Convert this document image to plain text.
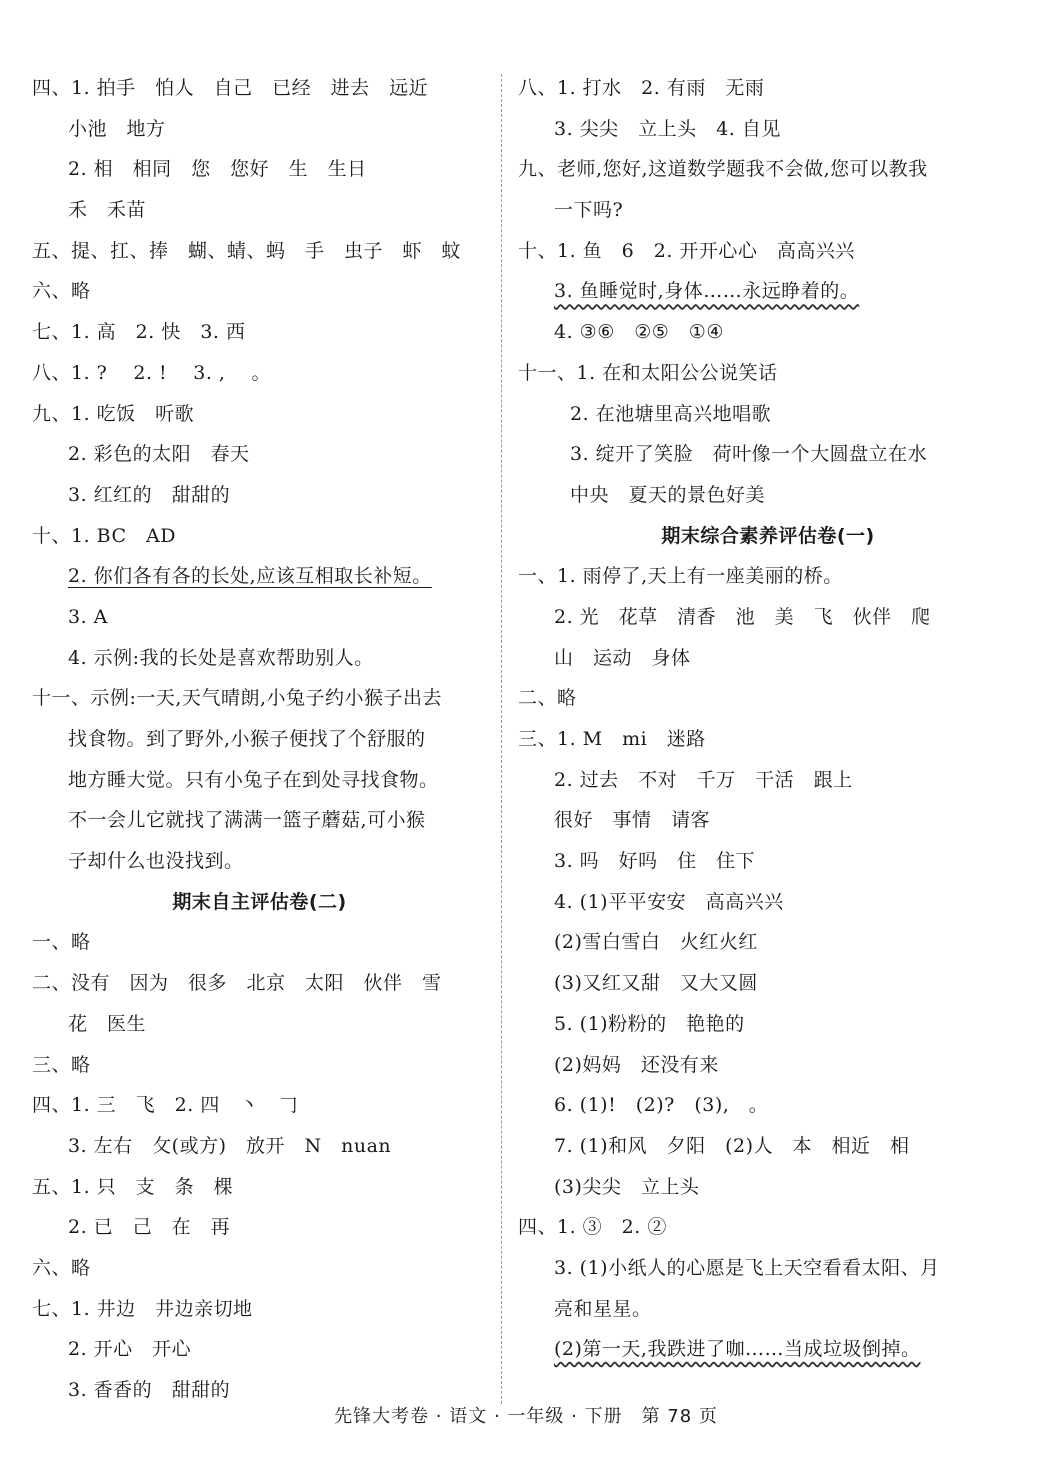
四、1. 拍手　怕人　自己　已经　进去　远近
小池　地方
2. 相　相同　您　您好　生　生日
禾　禾苗
五、提、扛、捧　蝴、蜻、蚂　手　虫子　虾　蚊
六、略
七、1. 高　2. 快　3. 西
八、1. ?　 2. !　 3. ,　 。
九、1. 吃饭　听歌
2. 彩色的太阳　春天
3. 红红的　甜甜的
十、1. BC　AD
2. 你们各有各的长处,应该互相取长补短。
3. A
4. 示例:我的长处是喜欢帮助别人。
十一、示例:一天,天气晴朗,小兔子约小猴子出去
找食物。到了野外,小猴子便找了个舒服的
地方睡大觉。只有小兔子在到处寻找食物。
不一会儿它就找了满满一篮子蘑菇,可小猴
子却什么也没找到。
期末自主评估卷(二)
一、略
二、没有　因为　很多　北京　太阳　伙伴　雪
花　医生
三、略
四、1. 三　飞　2. 四　丶　𠃌
3. 左右　攵(或方)　放开　N　nuan
五、1. 只　支　条　棵
2. 已　己　在　再
六、略
七、1. 井边　井边亲切地
2. 开心　开心
3. 香香的　甜甜的
八、1. 打水　2. 有雨　无雨
3. 尖尖　立上头　4. 自见
九、老师,您好,这道数学题我不会做,您可以教我
一下吗?
十、1. 鱼　6　2. 开开心心　高高兴兴
3. 鱼睡觉时,身体……永远睁着的。
4. ③⑥　②⑤　①④
十一、1. 在和太阳公公说笑话
2. 在池塘里高兴地唱歌
3. 绽开了笑脸　荷叶像一个大圆盘立在水
中央　夏天的景色好美
期末综合素养评估卷(一)
一、1. 雨停了,天上有一座美丽的桥。
2. 光　花草　清香　池　美　飞　伙伴　爬
山　运动　身体
二、略
三、1. M　mi　迷路
2. 过去　不对　千万　干活　跟上
很好　事情　请客
3. 吗　好吗　住　住下
4. (1)平平安安　高高兴兴
(2)雪白雪白　火红火红
(3)又红又甜　又大又圆
5. (1)粉粉的　艳艳的
(2)妈妈　还没有来
6. (1)!　(2)?　(3),　。
7. (1)和风　夕阳　(2)人　本　相近　相
(3)尖尖　立上头
四、1. ③　2. ②
3. (1)小纸人的心愿是飞上天空看看太阳、月
亮和星星。
(2)第一天,我跌进了咖……当成垃圾倒掉。
先锋大考卷 · 语文 · 一年级 · 下册　第 78 页
